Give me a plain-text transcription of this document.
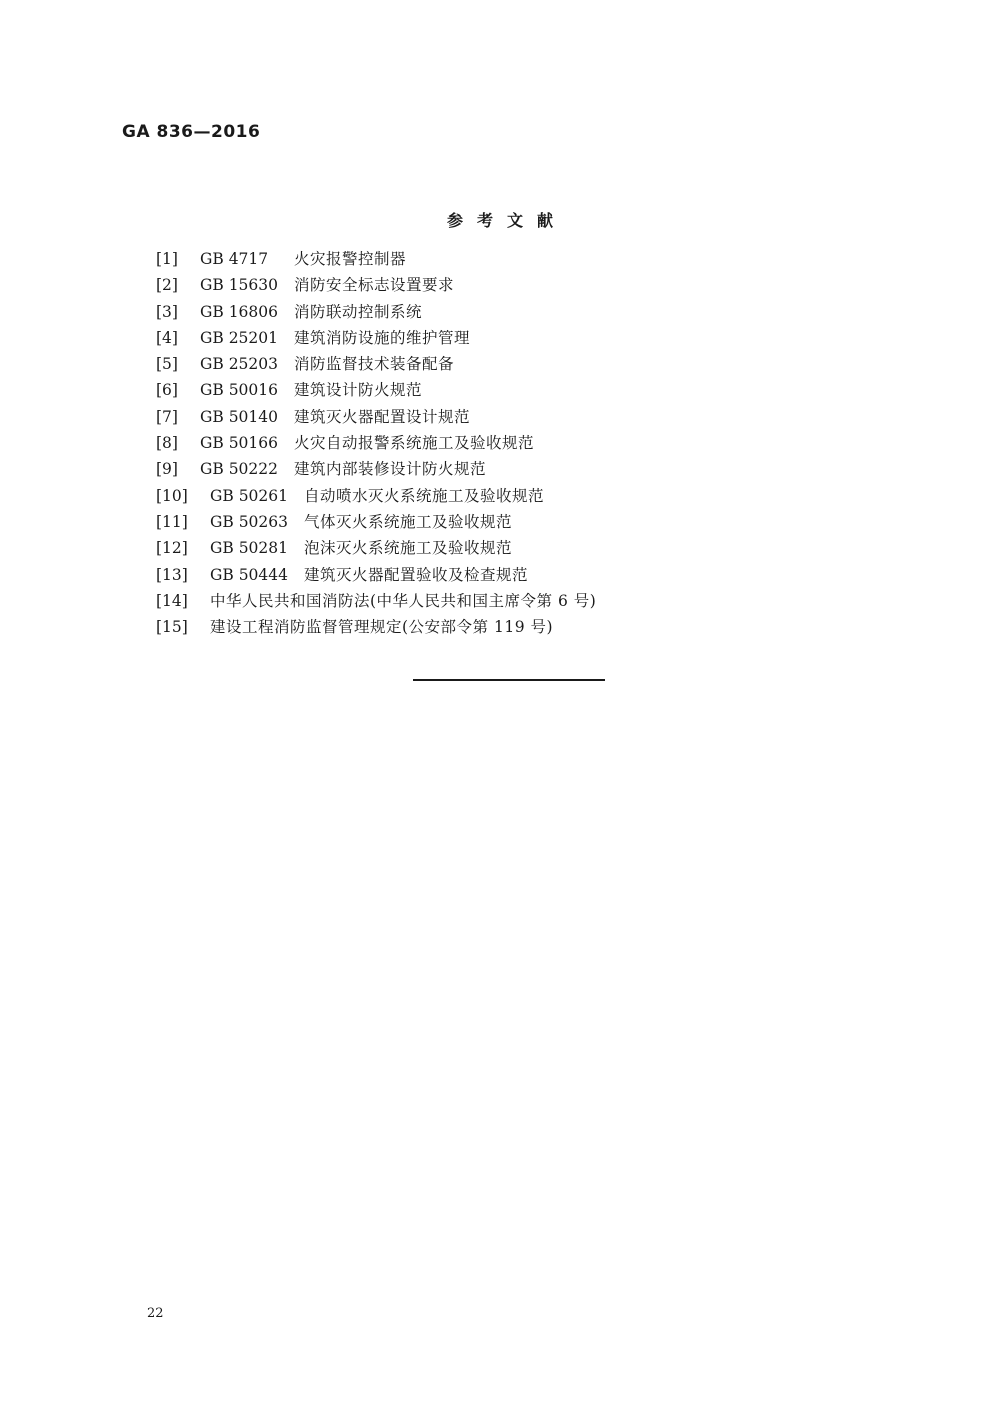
GA 836—2016
参考文献
[1]	GB 4717	火灾报警控制器
[2]	GB 15630	消防安全标志设置要求
[3]	GB 16806	消防联动控制系统
[4]	GB 25201	建筑消防设施的维护管理
[5]	GB 25203	消防监督技术装备配备
[6]	GB 50016	建筑设计防火规范
[7]	GB 50140	建筑灭火器配置设计规范
[8]	GB 50166	火灾自动报警系统施工及验收规范
[9]	GB 50222	建筑内部装修设计防火规范
[10]	GB 50261	自动喷水灭火系统施工及验收规范
[11]	GB 50263	气体灭火系统施工及验收规范
[12]	GB 50281	泡沫灭火系统施工及验收规范
[13]	GB 50444	建筑灭火器配置验收及检查规范
[14]	中华人民共和国消防法(中华人民共和国主席令第 6 号)
[15]	建设工程消防监督管理规定(公安部令第 119 号)
22
